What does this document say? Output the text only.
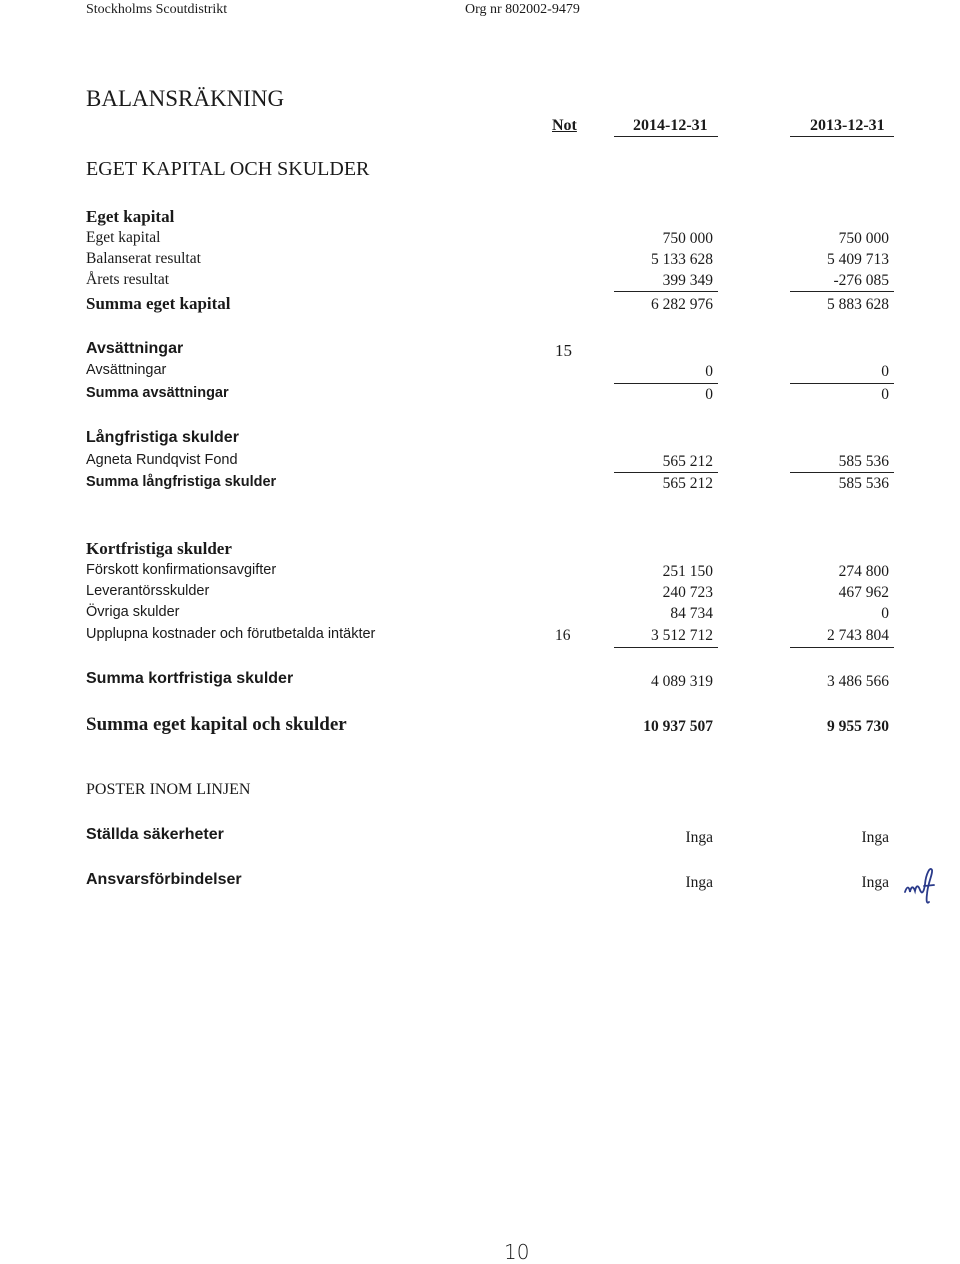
Stockholms Scoutdistrikt	Org nr 802002-9479
BALANSRÄKNING
Not	2014-12-31	2013-12-31
EGET KAPITAL OCH SKULDER
Eget kapital
Eget kapital	750 000	750 000
Balanserat resultat	5 133 628	5 409 713
Årets resultat	399 349	-276 085
Summa eget kapital	6 282 976	5 883 628
Avsättningar	15
Avsättningar	0	0
Summa avsättningar	0	0
Långfristiga skulder
Agneta Rundqvist Fond	565 212	585 536
Summa långfristiga skulder	565 212	585 536
Kortfristiga skulder
Förskott konfirmationsavgifter	251 150	274 800
Leverantörsskulder	240 723	467 962
Övriga skulder	84 734	0
Upplupna kostnader och förutbetalda intäkter	16	3 512 712	2 743 804
Summa kortfristiga skulder	4 089 319	3 486 566
Summa eget kapital och skulder	10 937 507	9 955 730
POSTER INOM LINJEN
Ställda säkerheter	Inga	Inga
Ansvarsförbindelser	Inga	Inga
10
